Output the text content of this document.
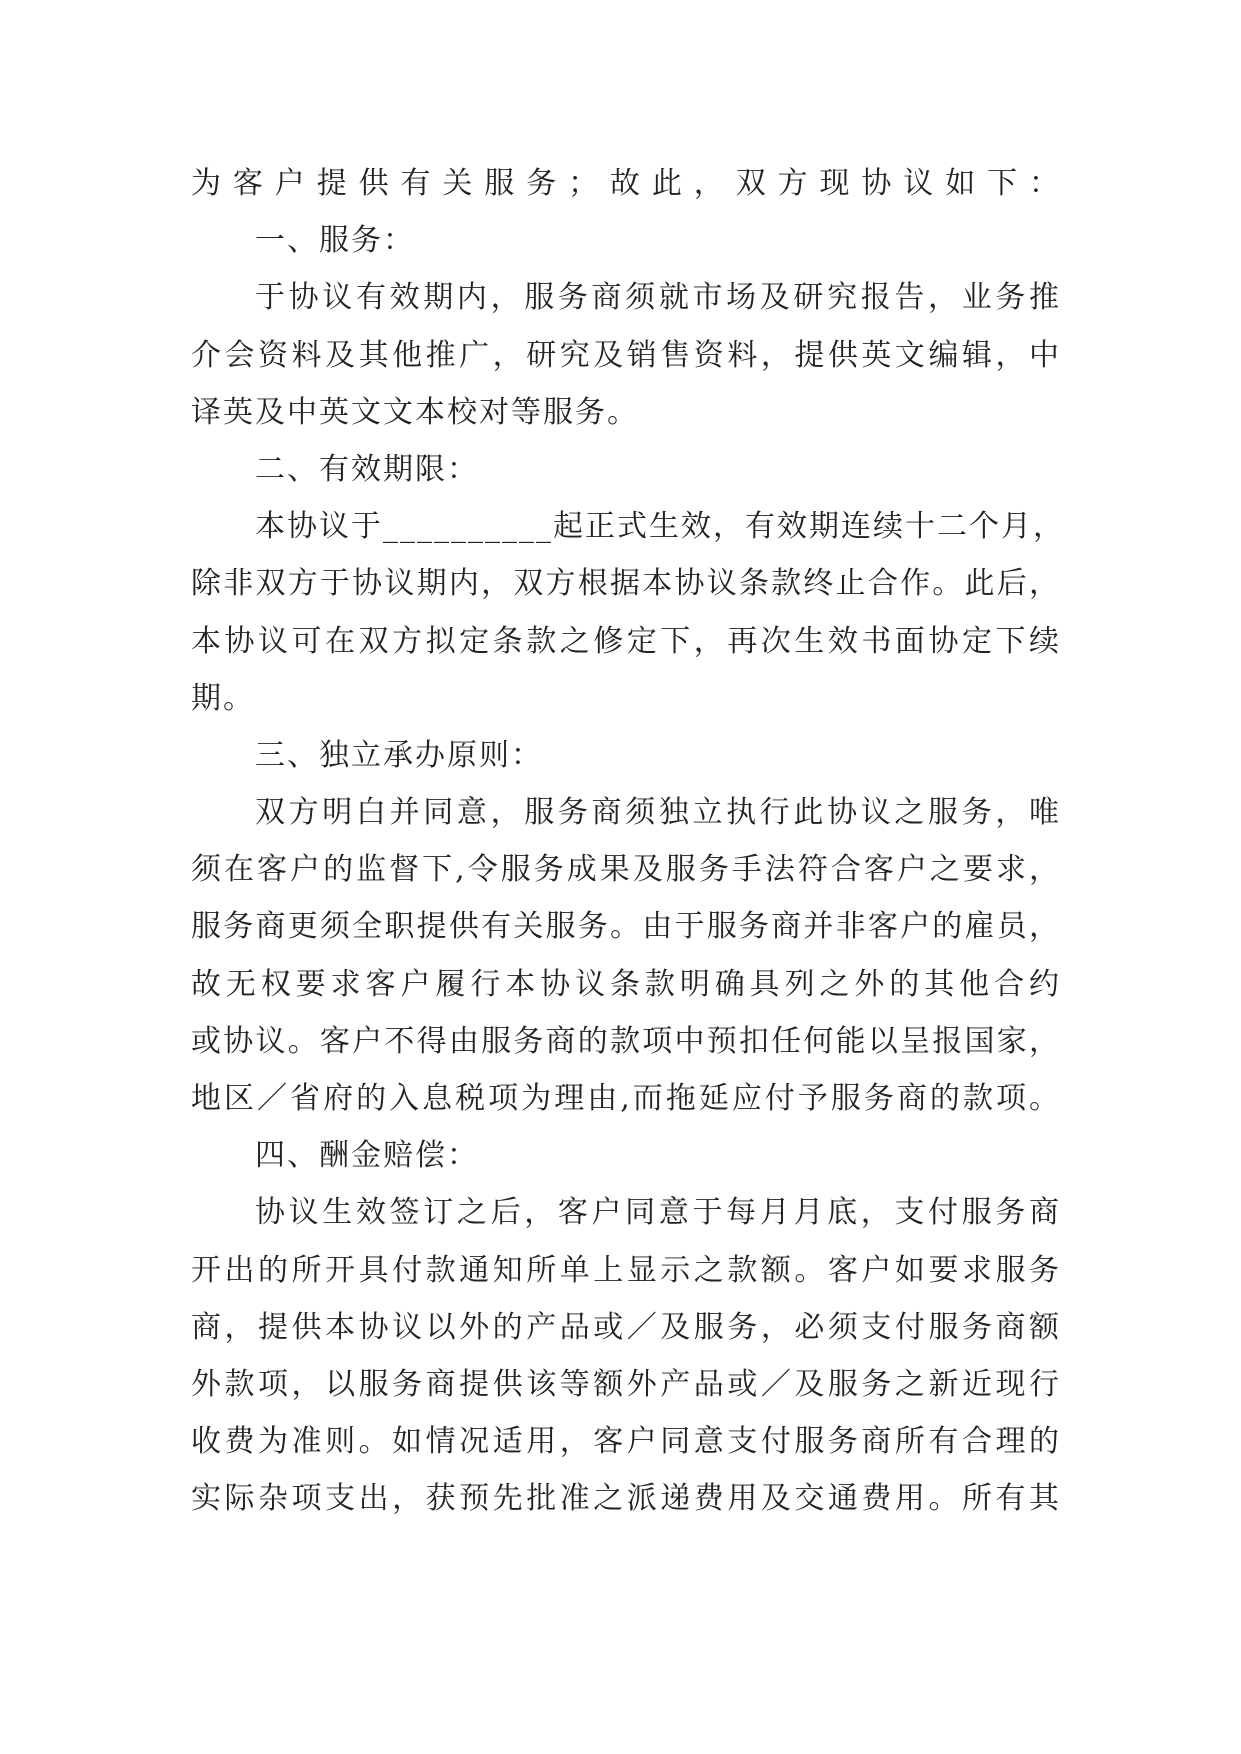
为客户提供有关服务；故此，双方现协议如下：
一、服务：
于协议有效期内，服务商须就市场及研究报告，业务推
介会资料及其他推广，研究及销售资料，提供英文编辑，中
译英及中英文文本校对等服务。
二、有效期限：
本协议于__________起正式生效，有效期连续十二个月，
除非双方于协议期内，双方根据本协议条款终止合作。此后，
本协议可在双方拟定条款之修定下，再次生效书面协定下续
期。
三、独立承办原则：
双方明白并同意，服务商须独立执行此协议之服务，唯
须在客户的监督下,令服务成果及服务手法符合客户之要求，
服务商更须全职提供有关服务。由于服务商并非客户的雇员，
故无权要求客户履行本协议条款明确具列之外的其他合约
或协议。客户不得由服务商的款项中预扣任何能以呈报国家，
地区／省府的入息税项为理由,而拖延应付予服务商的款项。
四、酬金赔偿：
协议生效签订之后，客户同意于每月月底，支付服务商
开出的所开具付款通知所单上显示之款额。客户如要求服务
商，提供本协议以外的产品或／及服务，必须支付服务商额
外款项，以服务商提供该等额外产品或／及服务之新近现行
收费为准则。如情况适用，客户同意支付服务商所有合理的
实际杂项支出，获预先批准之派递费用及交通费用。所有其
